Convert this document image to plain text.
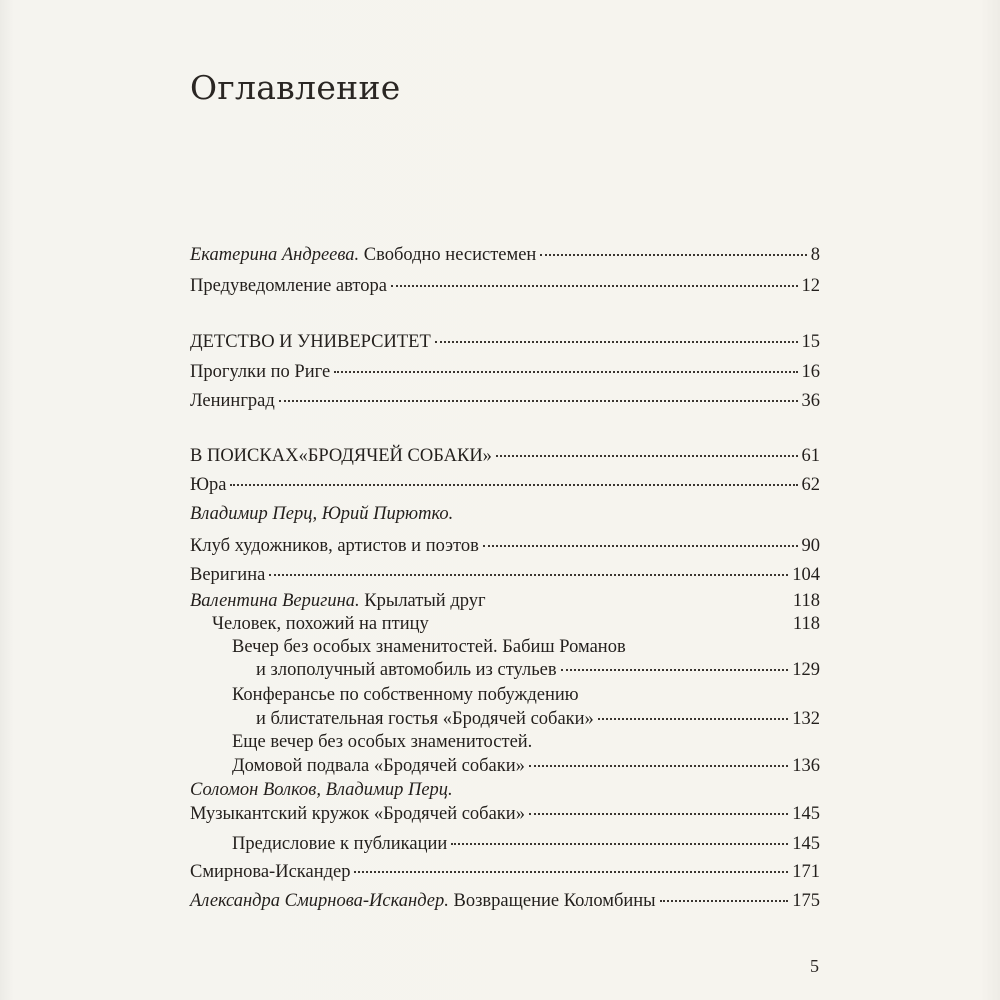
Оглавление
Екатерина Андреева. Свободно несистемен	8
Предуведомление автора	12
ДЕТСТВО И УНИВЕРСИТЕТ	15
Прогулки по Риге	16
Ленинград	36
В ПОИСКАХ«БРОДЯЧЕЙ СОБАКИ»	61
Юра	62
Владимир Перц, Юрий Пирютко.
Клуб художников, артистов и поэтов	90
Веригина	104
Валентина Веригина. Крылатый друг	118
Человек, похожий на птицу	118
Вечер без особых знаменитостей. Бабиш Романов
и злополучный автомобиль из стульев	129
Конферансье по собственному побуждению
и блистательная гостья «Бродячей собаки»	132
Еще вечер без особых знаменитостей.
Домовой подвала «Бродячей собаки»	136
Соломон Волков, Владимир Перц.
Музыкантский кружок «Бродячей собаки»	145
Предисловие к публикации	145
Смирнова-Искандер	171
Александра Смирнова-Искандер. Возвращение Коломбины	175
5
